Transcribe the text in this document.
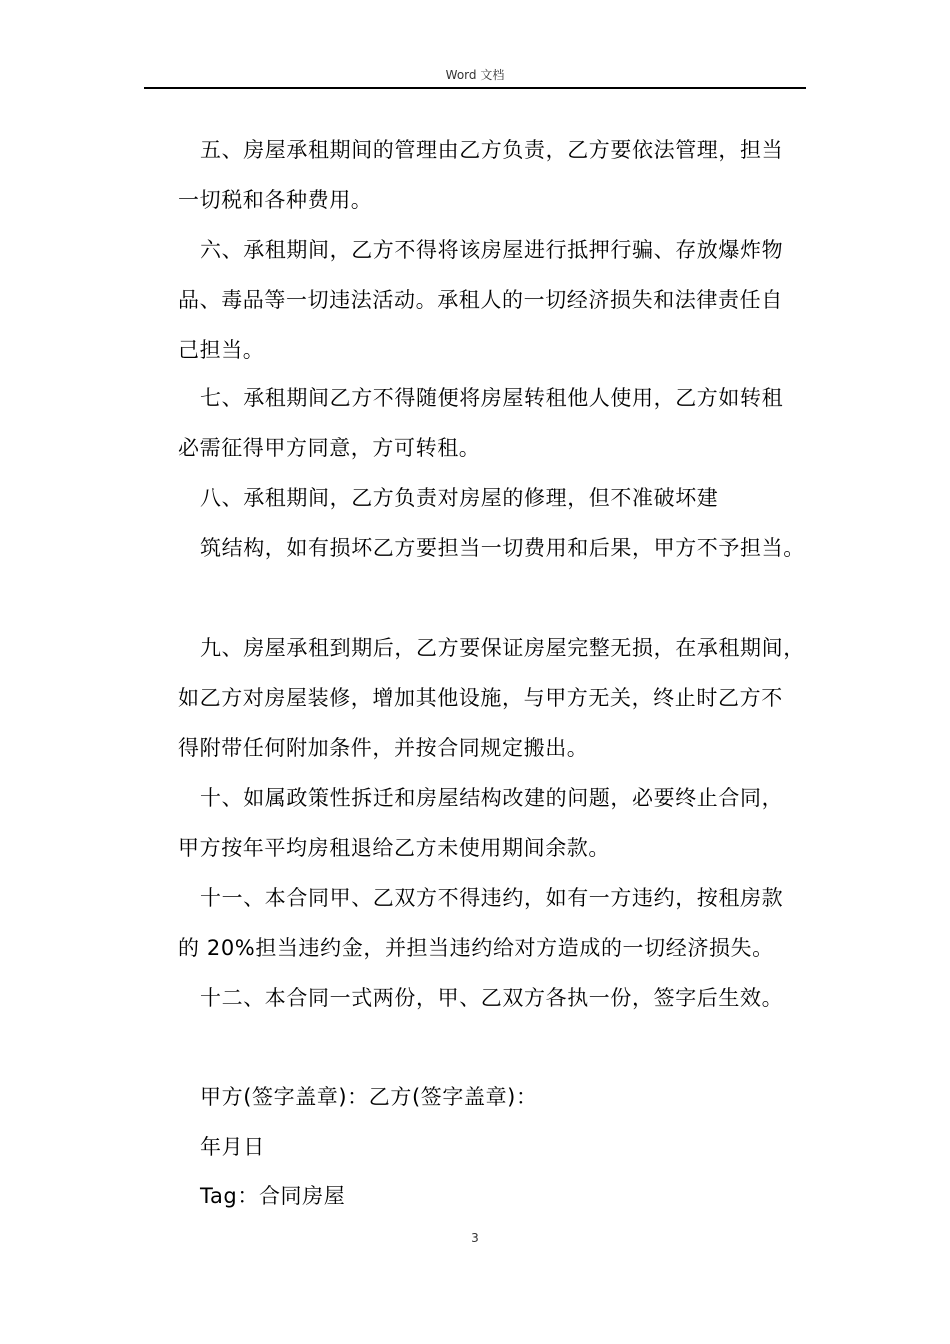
Word 文档
五、房屋承租期间的管理由乙方负责，乙方要依法管理，担当
一切税和各种费用。
六、承租期间，乙方不得将该房屋进行抵押行骗、存放爆炸物
品、毒品等一切违法活动。承租人的一切经济损失和法律责任自
己担当。
七、承租期间乙方不得随便将房屋转租他人使用，乙方如转租
必需征得甲方同意，方可转租。
八、承租期间，乙方负责对房屋的修理，但不准破坏建
筑结构，如有损坏乙方要担当一切费用和后果，甲方不予担当。
九、房屋承租到期后，乙方要保证房屋完整无损，在承租期间，
如乙方对房屋装修，增加其他设施，与甲方无关，终止时乙方不
得附带任何附加条件，并按合同规定搬出。
十、如属政策性拆迁和房屋结构改建的问题，必要终止合同，
甲方按年平均房租退给乙方未使用期间余款。
十一、本合同甲、乙双方不得违约，如有一方违约，按租房款
的 20%担当违约金，并担当违约给对方造成的一切经济损失。
十二、本合同一式两份，甲、乙双方各执一份，签字后生效。
甲方(签字盖章)：乙方(签字盖章)：
年月日
Tag：合同房屋
3
